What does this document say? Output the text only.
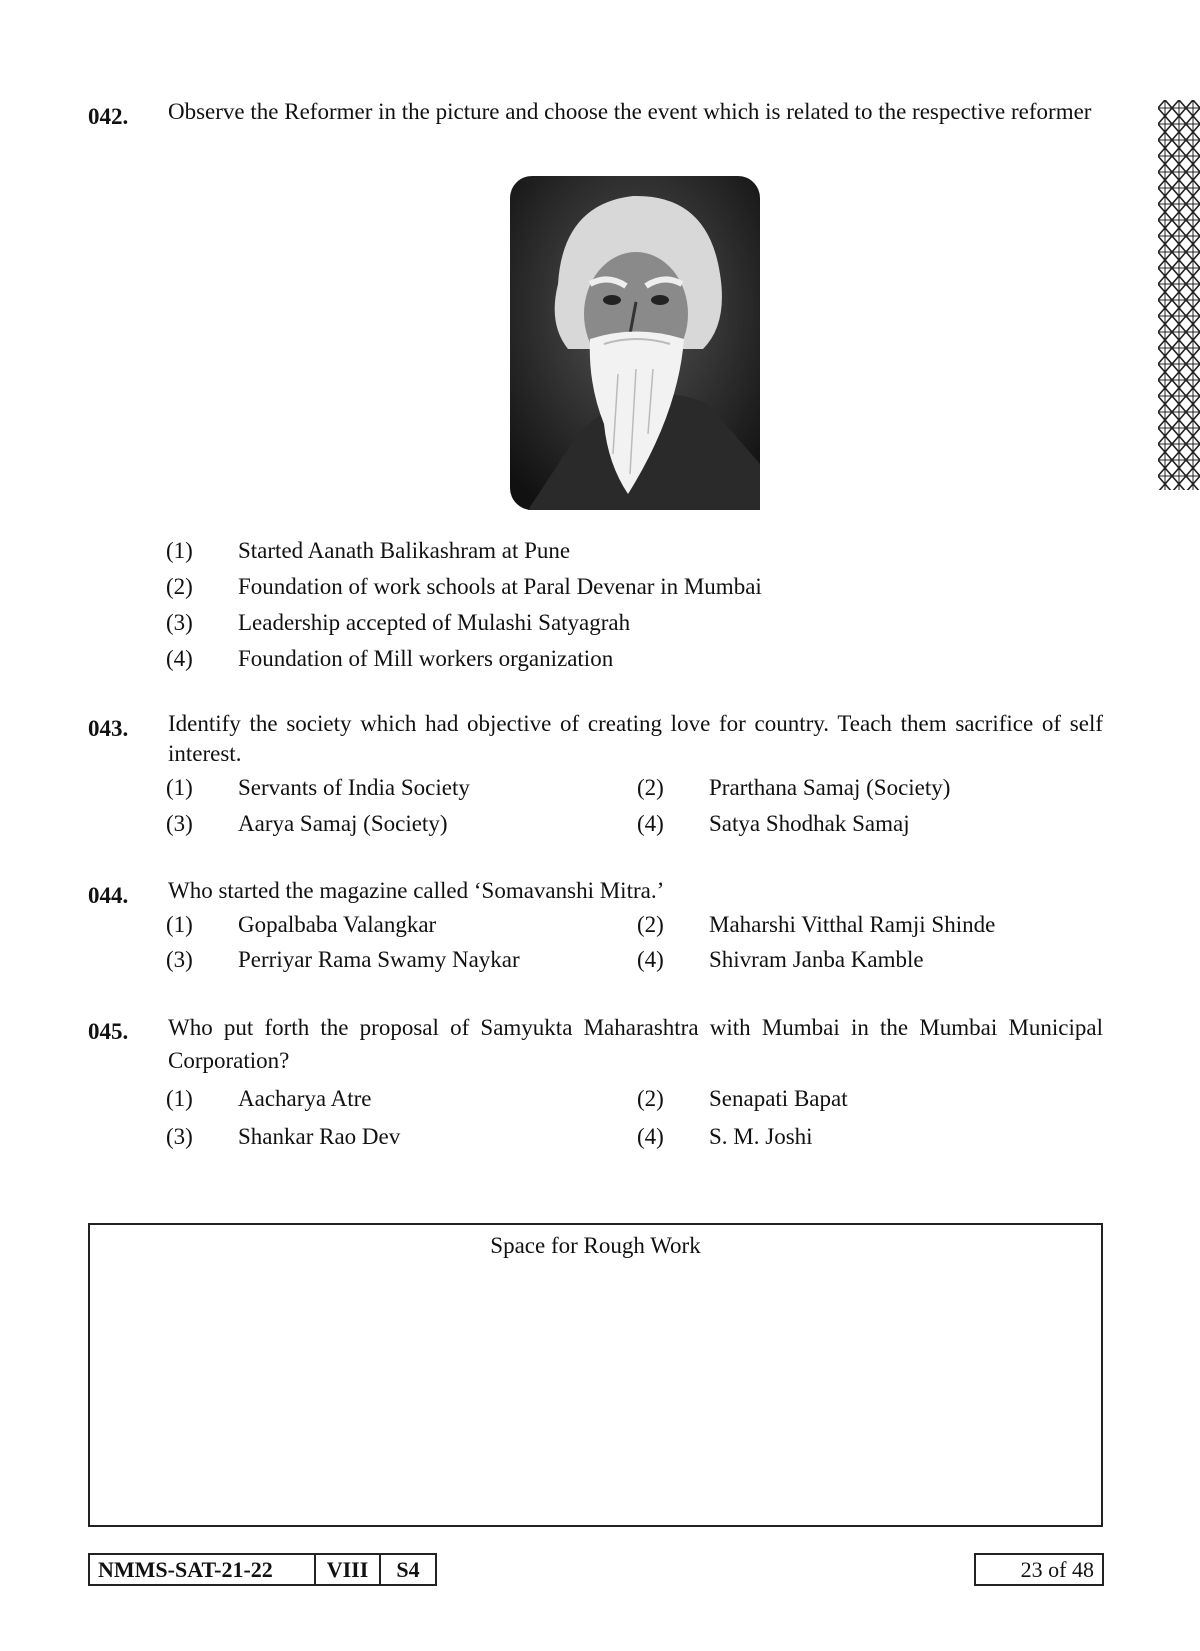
042. Observe the Reformer in the picture and choose the event which is related to the respective reformer
(1) Started Aanath Balikashram at Pune
(2) Foundation of work schools at Paral Devenar in Mumbai
(3) Leadership accepted of Mulashi Satyagrah
(4) Foundation of Mill workers organization
043. Identify the society which had objective of creating love for country. Teach them sacrifice of self interest.
(1) Servants of India Society	(2) Prarthana Samaj (Society)
(3) Aarya Samaj (Society)	(4) Satya Shodhak Samaj
044. Who started the magazine called ‘Somavanshi Mitra.’
(1) Gopalbaba Valangkar	(2) Maharshi Vitthal Ramji Shinde
(3) Perriyar Rama Swamy Naykar	(4) Shivram Janba Kamble
045. Who put forth the proposal of Samyukta Maharashtra with Mumbai in the Mumbai Municipal Corporation?
(1) Aacharya Atre	(2) Senapati Bapat
(3) Shankar Rao Dev	(4) S. M. Joshi
Space for Rough Work
NMMS-SAT-21-22	VIII	S4	23 of 48
